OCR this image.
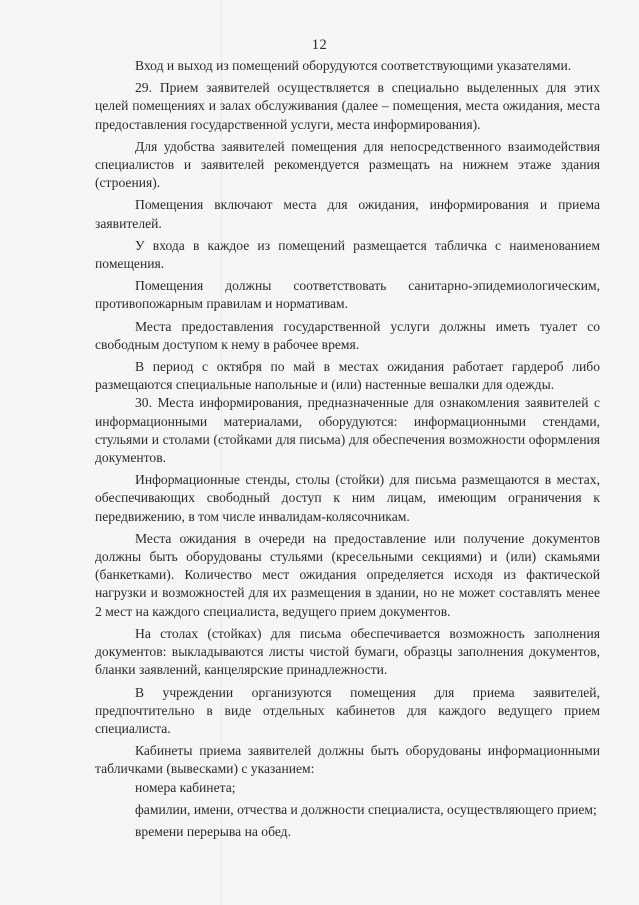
12

Вход и выход из помещений оборудуются соответствующими указателями.

29. Прием заявителей осуществляется в специально выделенных для этих целей помещениях и залах обслуживания (далее – помещения, места ожидания, места предоставления государственной услуги, места информирования).

Для удобства заявителей помещения для непосредственного взаимодействия специалистов и заявителей рекомендуется размещать на нижнем этаже здания (строения).

Помещения включают места для ожидания, информирования и приема заявителей.

У входа в каждое из помещений размещается табличка с наименованием помещения.

Помещения должны соответствовать санитарно-эпидемиологическим, противопожарным правилам и нормативам.

Места предоставления государственной услуги должны иметь туалет со свободным доступом к нему в рабочее время.

В период с октября по май в местах ожидания работает гардероб либо размещаются специальные напольные и (или) настенные вешалки для одежды.

30. Места информирования, предназначенные для ознакомления заявителей с информационными материалами, оборудуются: информационными стендами, стульями и столами (стойками для письма) для обеспечения возможности оформления документов.

Информационные стенды, столы (стойки) для письма размещаются в местах, обеспечивающих свободный доступ к ним лицам, имеющим ограничения к передвижению, в том числе инвалидам-колясочникам.

Места ожидания в очереди на предоставление или получение документов должны быть оборудованы стульями (кресельными секциями) и (или) скамьями (банкетками). Количество мест ожидания определяется исходя из фактической нагрузки и возможностей для их размещения в здании, но не может составлять менее 2 мест на каждого специалиста, ведущего прием документов.

На столах (стойках) для письма обеспечивается возможность заполнения документов: выкладываются листы чистой бумаги, образцы заполнения документов, бланки заявлений, канцелярские принадлежности.

В учреждении организуются помещения для приема заявителей, предпочтительно в виде отдельных кабинетов для каждого ведущего прием специалиста.

Кабинеты приема заявителей должны быть оборудованы информационными табличками (вывесками) с указанием:

номера кабинета;

фамилии, имени, отчества и должности специалиста, осуществляющего прием;

времени перерыва на обед.
